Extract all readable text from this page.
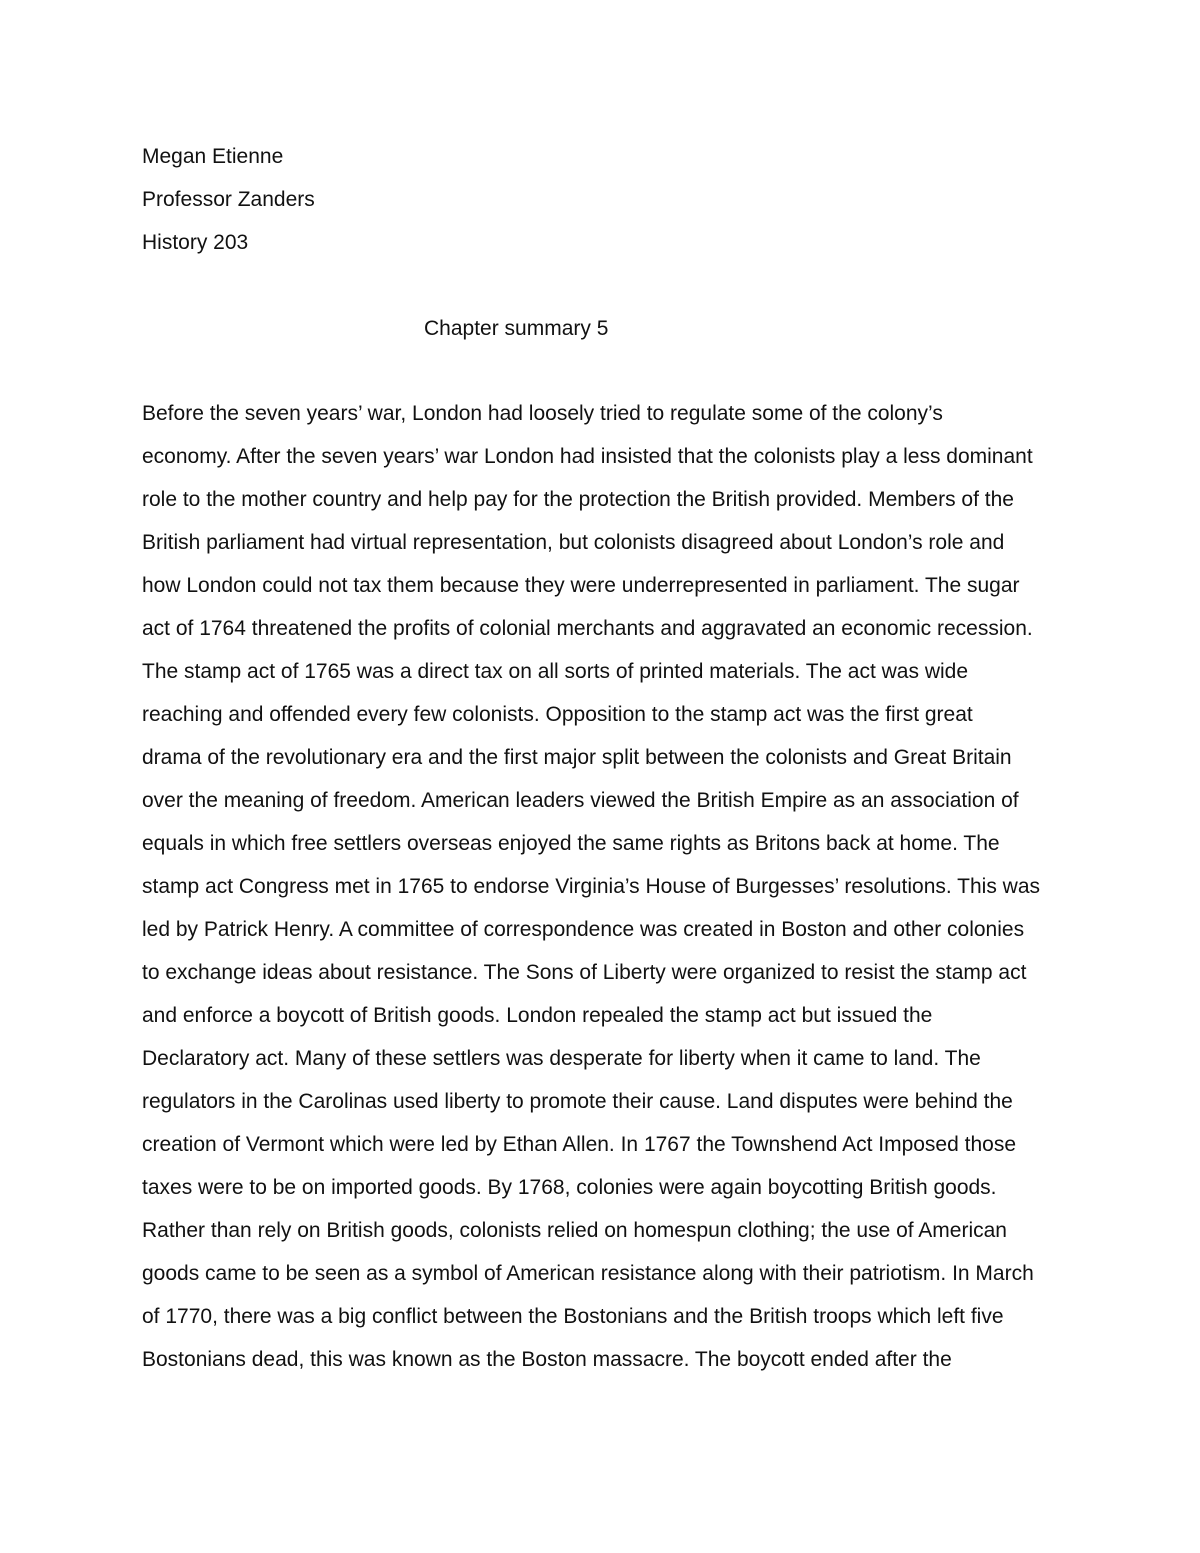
Megan Etienne
Professor Zanders
History 203
Chapter summary 5
Before the seven years’ war, London had loosely tried to regulate some of the colony’s
economy. After the seven years’ war London had insisted that the colonists play a less dominant
role to the mother country and help pay for the protection the British provided. Members of the
British parliament had virtual representation, but colonists disagreed about London’s role and
how London could not tax them because they were underrepresented in parliament. The sugar
act of 1764 threatened the profits of colonial merchants and aggravated an economic recession.
The stamp act of 1765 was a direct tax on all sorts of printed materials. The act was wide
reaching and offended every few colonists. Opposition to the stamp act was the first great
drama of the revolutionary era and the first major split between the colonists and Great Britain
over the meaning of freedom. American leaders viewed the British Empire as an association of
equals in which free settlers overseas enjoyed the same rights as Britons back at home. The
stamp act Congress met in 1765 to endorse Virginia’s House of Burgesses’ resolutions. This was
led by Patrick Henry. A committee of correspondence was created in Boston and other colonies
to exchange ideas about resistance. The Sons of Liberty were organized to resist the stamp act
and enforce a boycott of British goods. London repealed the stamp act but issued the
Declaratory act. Many of these settlers was desperate for liberty when it came to land. The
regulators in the Carolinas used liberty to promote their cause. Land disputes were behind the
creation of Vermont which were led by Ethan Allen. In 1767 the Townshend Act Imposed those
taxes were to be on imported goods. By 1768, colonies were again boycotting British goods.
Rather than rely on British goods, colonists relied on homespun clothing; the use of American
goods came to be seen as a symbol of American resistance along with their patriotism. In March
of 1770, there was a big conflict between the Bostonians and the British troops which left five
Bostonians dead, this was known as the Boston massacre. The boycott ended after the
